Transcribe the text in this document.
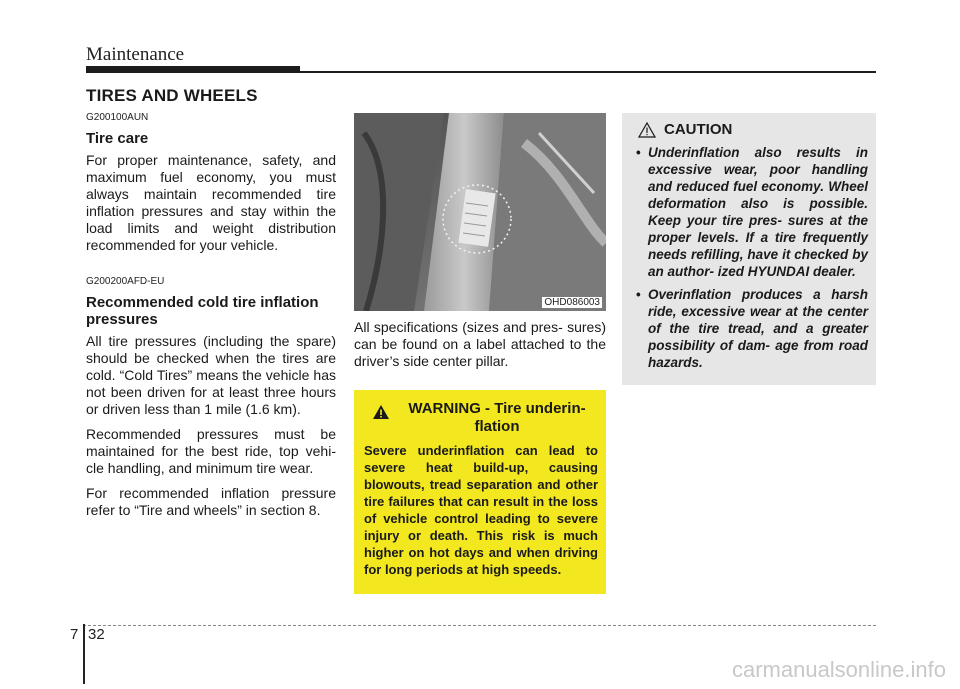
Maintenance
TIRES AND WHEELS
G200100AUN
Tire care

For proper maintenance, safety, and maximum fuel economy, you must always maintain recommended tire inflation pressures and stay within the load limits and weight distribution recommended for your vehicle.

G200200AFD-EU
Recommended cold tire inflation pressures

All tire pressures (including the spare) should be checked when the tires are cold. “Cold Tires” means the vehicle has not been driven for at least three hours or driven less than 1 mile (1.6 km).

Recommended pressures must be maintained for the best ride, top vehi- cle handling, and minimum tire wear.

For recommended inflation pressure refer to “Tire and wheels” in section 8.

OHD086003

All specifications (sizes and pres- sures) can be found on a label attached to the driver’s side center pillar.

WARNING - Tire underin- flation
Severe underinflation can lead to severe heat build-up, causing blowouts, tread separation and other tire failures that can result in the loss of vehicle control leading to severe injury or death. This risk is much higher on hot days and when driving for long periods at high speeds.
CAUTION
• Underinflation also results in excessive wear, poor handling and reduced fuel economy. Wheel deformation also is possible. Keep your tire pres- sures at the proper levels. If a tire frequently needs refilling, have it checked by an author- ized HYUNDAI dealer.
• Overinflation produces a harsh ride, excessive wear at the center of the tire tread, and a greater possibility of dam- age from road hazards.
7 32
carmanualsonline.info
